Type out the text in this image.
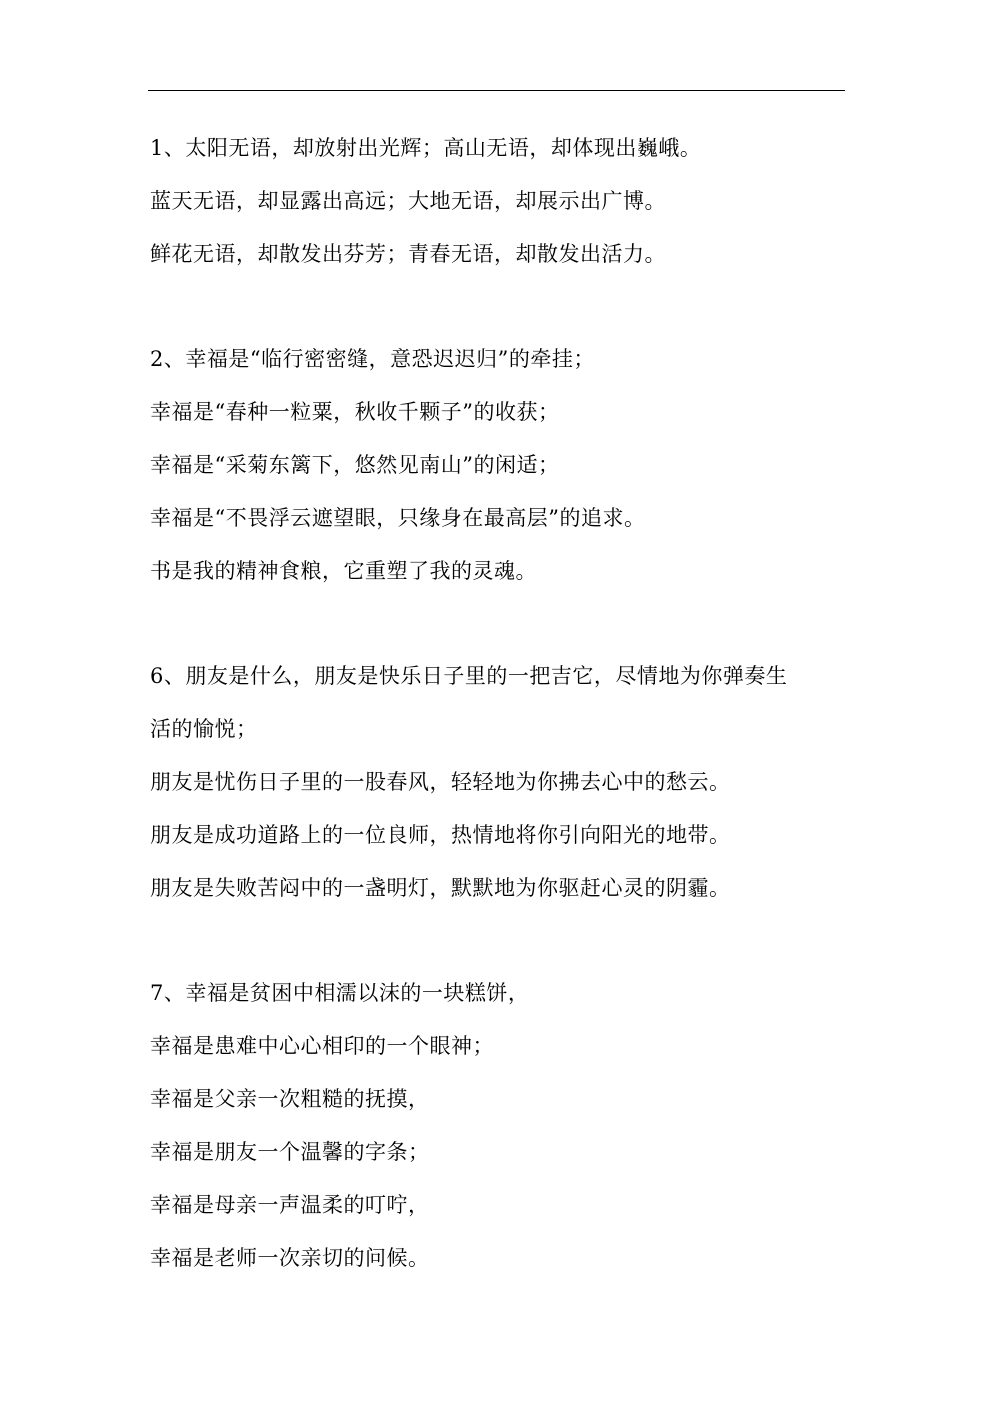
1、太阳无语，却放射出光辉；高山无语，却体现出巍峨。
蓝天无语，却显露出高远；大地无语，却展示出广博。
鲜花无语，却散发出芬芳；青春无语，却散发出活力。
2、幸福是“临行密密缝，意恐迟迟归”的牵挂；
幸福是“春种一粒粟，秋收千颗子”的收获；
幸福是“采菊东篱下，悠然见南山”的闲适；
幸福是“不畏浮云遮望眼，只缘身在最高层”的追求。
书是我的精神食粮，它重塑了我的灵魂。
6、朋友是什么，朋友是快乐日子里的一把吉它，尽情地为你弹奏生
活的愉悦；
朋友是忧伤日子里的一股春风，轻轻地为你拂去心中的愁云。
朋友是成功道路上的一位良师，热情地将你引向阳光的地带。
朋友是失败苦闷中的一盏明灯，默默地为你驱赶心灵的阴霾。
7、幸福是贫困中相濡以沫的一块糕饼，
幸福是患难中心心相印的一个眼神；
幸福是父亲一次粗糙的抚摸，
幸福是朋友一个温馨的字条；
幸福是母亲一声温柔的叮咛，
幸福是老师一次亲切的问候。
